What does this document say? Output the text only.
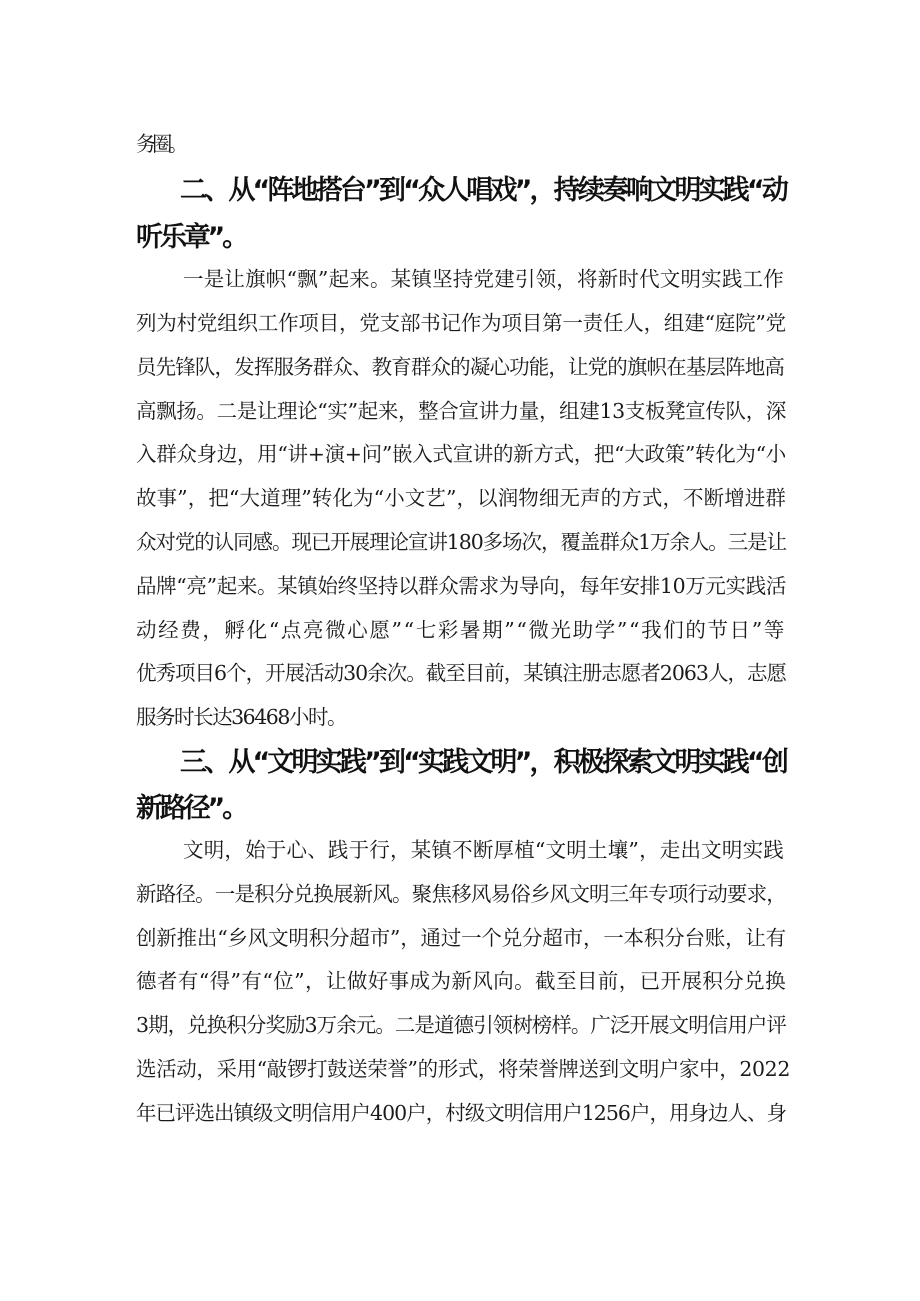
务圈。
二、从“阵地搭台”到“众人唱戏”，持续奏响文明实践“动
听乐章”。
一是让旗帜“飘”起来。某镇坚持党建引领，将新时代文明实践工作
列为村党组织工作项目，党支部书记作为项目第一责任人，组建“庭院”党
员先锋队，发挥服务群众、教育群众的凝心功能，让党的旗帜在基层阵地高
高飘扬。二是让理论“实”起来，整合宣讲力量，组建13支板凳宣传队，深
入群众身边，用“讲+演+问”嵌入式宣讲的新方式，把“大政策”转化为“小
故事”，把“大道理”转化为“小文艺”，以润物细无声的方式，不断增进群
众对党的认同感。现已开展理论宣讲180多场次，覆盖群众1万余人。三是让
品牌“亮”起来。某镇始终坚持以群众需求为导向，每年安排10万元实践活
动经费，孵化“点亮微心愿”“七彩暑期”“微光助学”“我们的节日”等
优秀项目6个，开展活动30余次。截至目前，某镇注册志愿者2063人，志愿
服务时长达36468小时。
三、从“文明实践”到“实践文明”，积极探索文明实践“创
新路径”。
文明，始于心、践于行，某镇不断厚植“文明土壤”，走出文明实践
新路径。一是积分兑换展新风。聚焦移风易俗乡风文明三年专项行动要求，
创新推出“乡风文明积分超市”，通过一个兑分超市，一本积分台账，让有
德者有“得”有“位”，让做好事成为新风向。截至目前，已开展积分兑换
3期，兑换积分奖励3万余元。二是道德引领树榜样。广泛开展文明信用户评
选活动，采用“敲锣打鼓送荣誉”的形式，将荣誉牌送到文明户家中，2022
年已评选出镇级文明信用户400户，村级文明信用户1256户，用身边人、身
